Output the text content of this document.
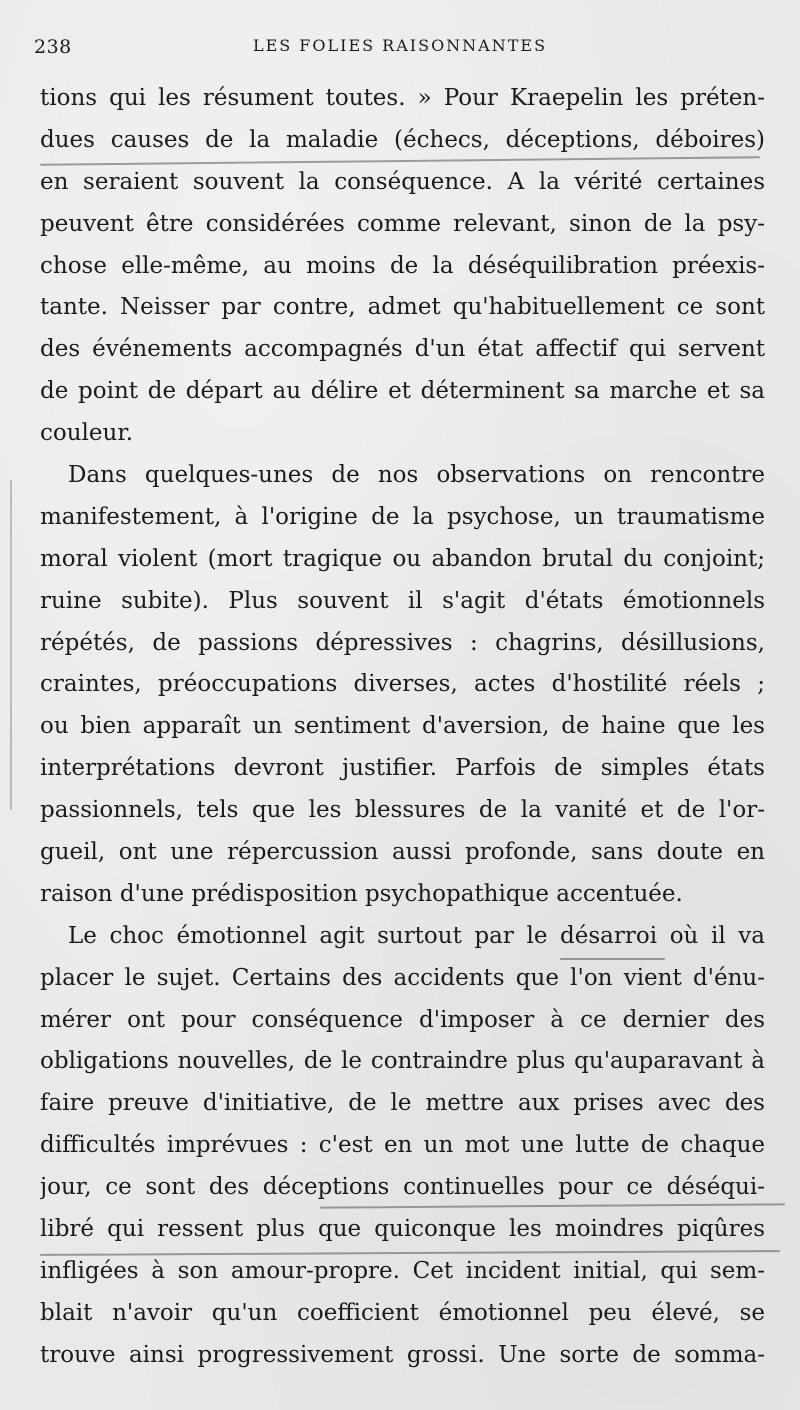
238	LES FOLIES RAISONNANTES
tions qui les résument toutes. » Pour Kraepelin les préten-
dues causes de la maladie (échecs, déceptions, déboires)
en seraient souvent la conséquence. A la vérité certaines
peuvent être considérées comme relevant, sinon de la psy-
chose elle-même, au moins de la déséquilibration préexis-
tante. Neisser par contre, admet qu'habituellement ce sont
des événements accompagnés d'un état affectif qui servent
de point de départ au délire et déterminent sa marche et sa
couleur.
Dans quelques-unes de nos observations on rencontre
manifestement, à l'origine de la psychose, un traumatisme
moral violent (mort tragique ou abandon brutal du conjoint;
ruine subite). Plus souvent il s'agit d'états émotionnels
répétés, de passions dépressives : chagrins, désillusions,
craintes, préoccupations diverses, actes d'hostilité réels ;
ou bien apparaît un sentiment d'aversion, de haine que les
interprétations devront justifier. Parfois de simples états
passionnels, tels que les blessures de la vanité et de l'or-
gueil, ont une répercussion aussi profonde, sans doute en
raison d'une prédisposition psychopathique accentuée.
Le choc émotionnel agit surtout par le désarroi où il va
placer le sujet. Certains des accidents que l'on vient d'énu-
mérer ont pour conséquence d'imposer à ce dernier des
obligations nouvelles, de le contraindre plus qu'auparavant à
faire preuve d'initiative, de le mettre aux prises avec des
difficultés imprévues : c'est en un mot une lutte de chaque
jour, ce sont des déceptions continuelles pour ce déséqui-
libré qui ressent plus que quiconque les moindres piqûres
infligées à son amour-propre. Cet incident initial, qui sem-
blait n'avoir qu'un coefficient émotionnel peu élevé, se
trouve ainsi progressivement grossi. Une sorte de somma-
